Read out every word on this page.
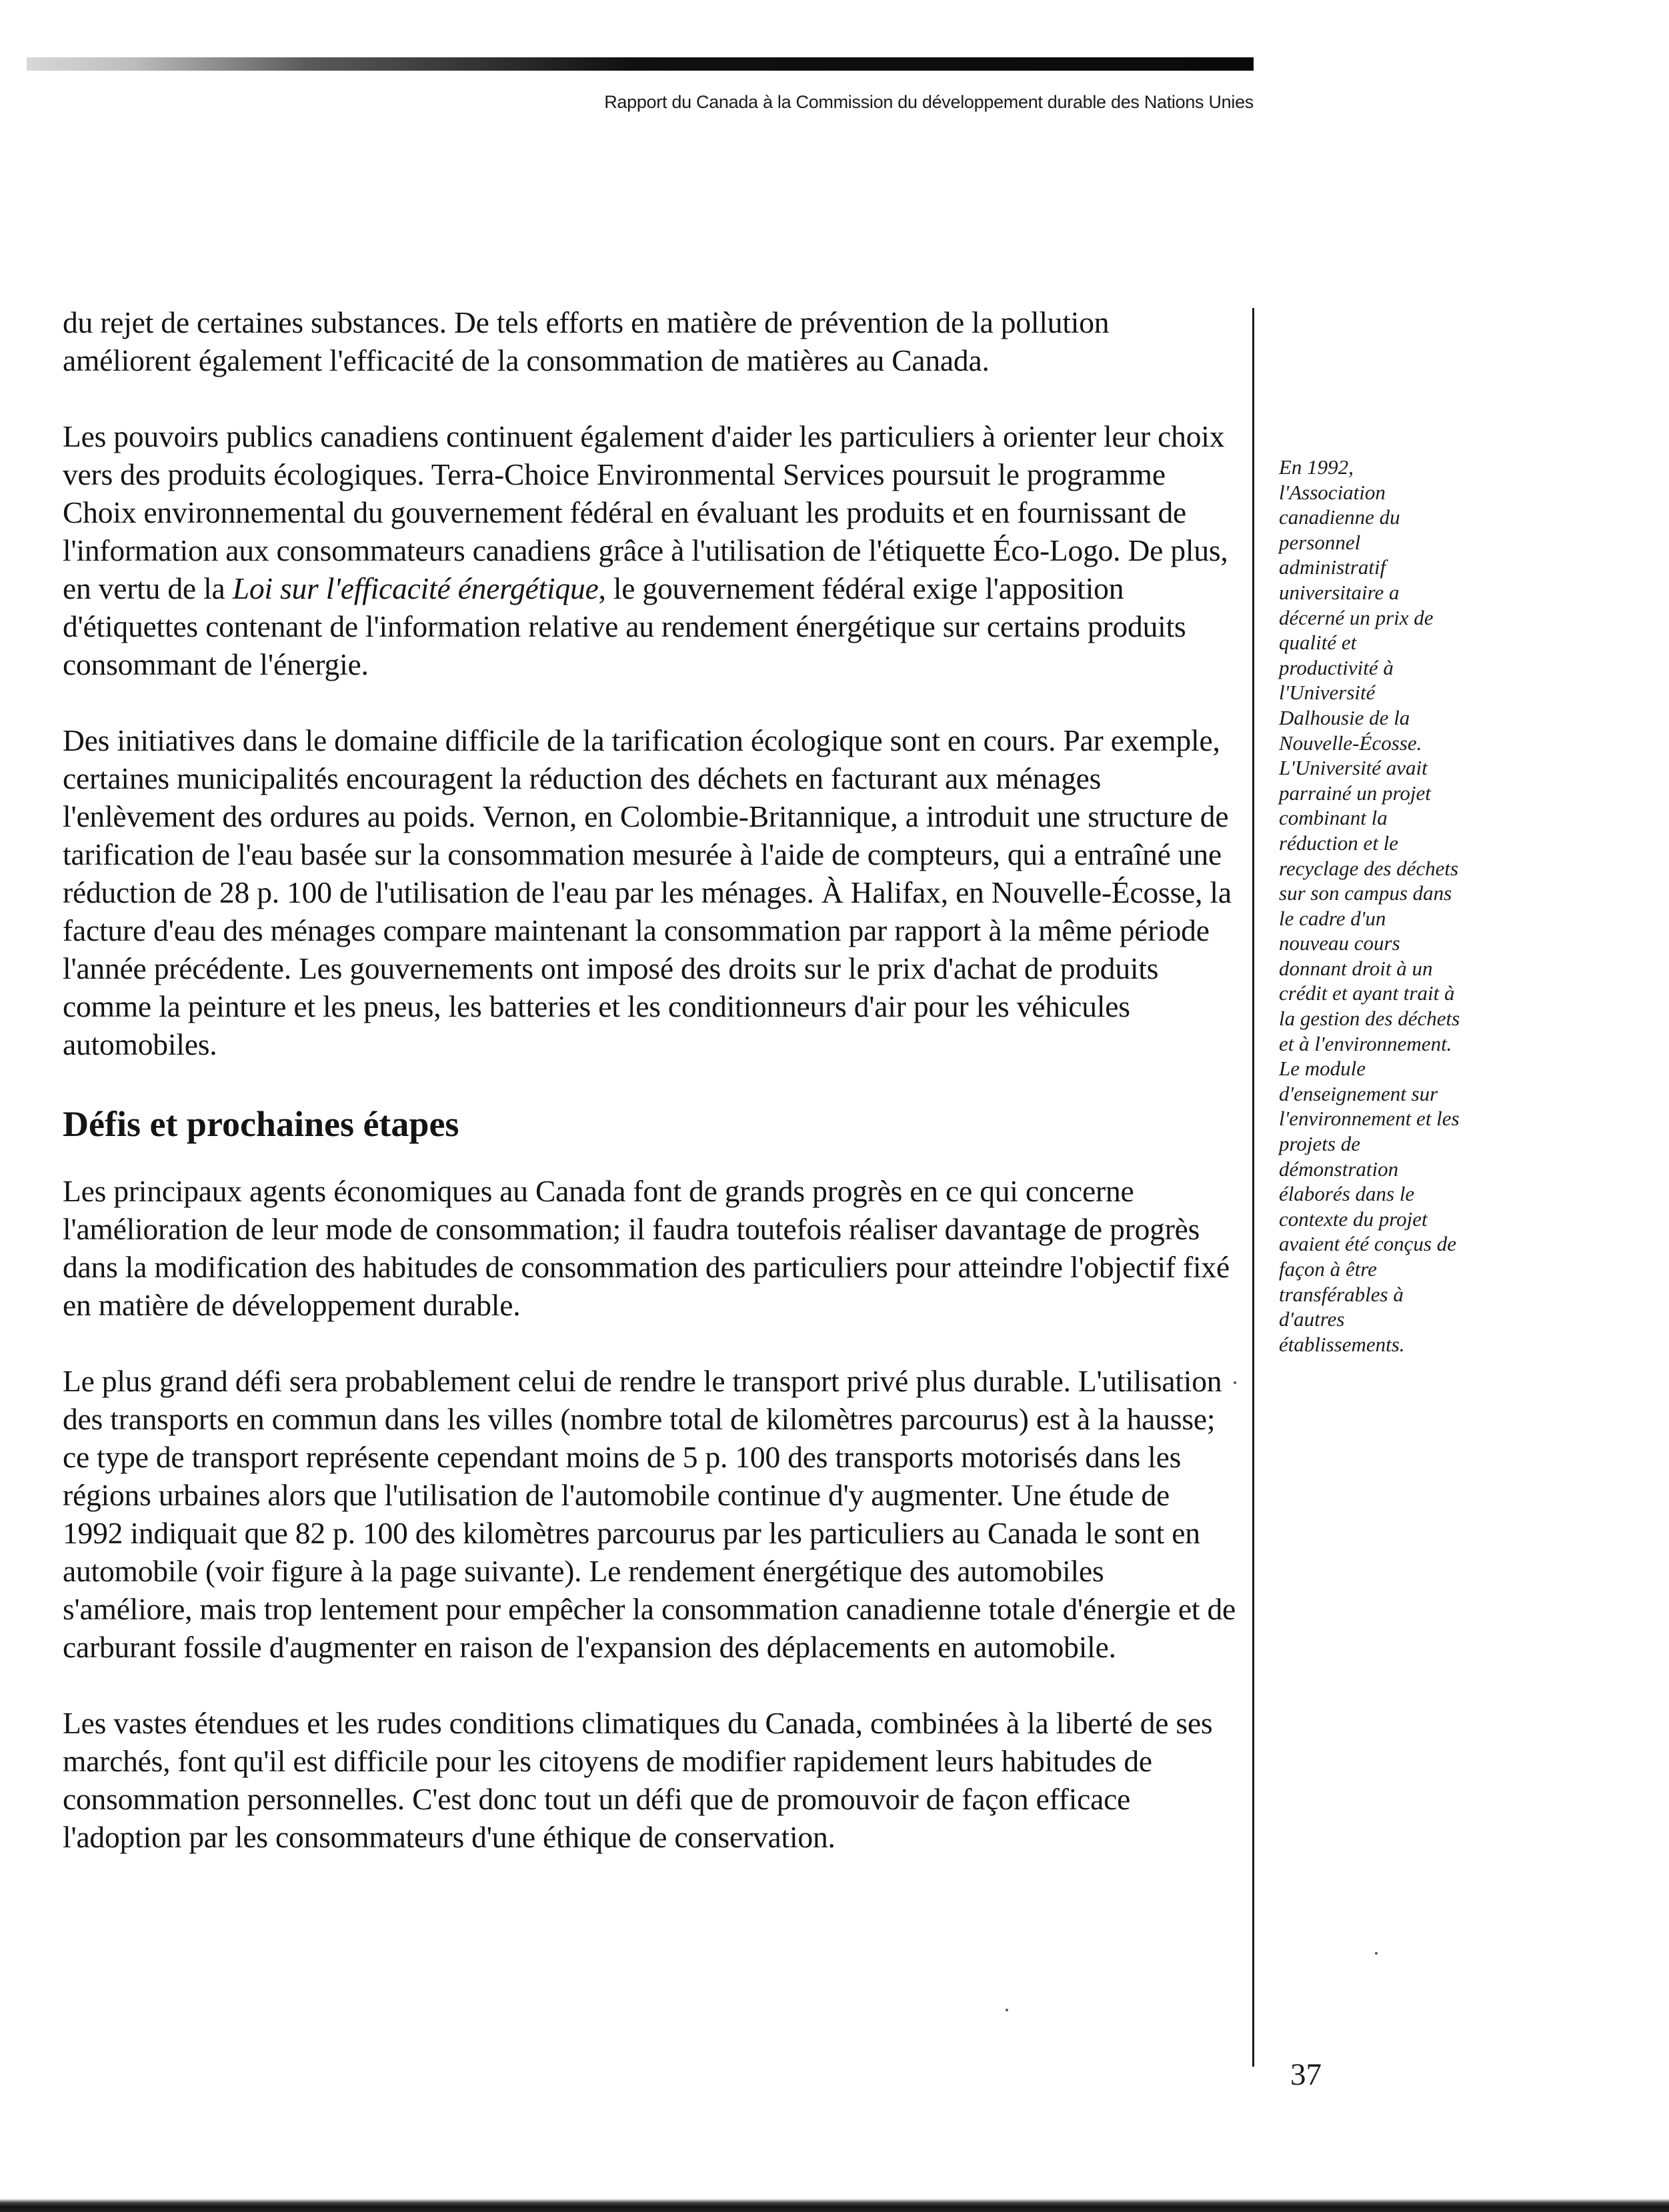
Rapport du Canada à la Commission du développement durable des Nations Unies

du rejet de certaines substances. De tels efforts en matière de prévention de la pollution améliorent également l'efficacité de la consommation de matières au Canada.

Les pouvoirs publics canadiens continuent également d'aider les particuliers à orienter leur choix vers des produits écologiques. Terra-Choice Environmental Services poursuit le programme Choix environnemental du gouvernement fédéral en évaluant les produits et en fournissant de l'information aux consommateurs canadiens grâce à l'utilisation de l'étiquette Éco-Logo. De plus, en vertu de la Loi sur l'efficacité énergétique, le gouvernement fédéral exige l'apposition d'étiquettes contenant de l'information relative au rendement énergétique sur certains produits consommant de l'énergie.

Des initiatives dans le domaine difficile de la tarification écologique sont en cours. Par exemple, certaines municipalités encouragent la réduction des déchets en facturant aux ménages l'enlèvement des ordures au poids. Vernon, en Colombie-Britannique, a introduit une structure de tarification de l'eau basée sur la consommation mesurée à l'aide de compteurs, qui a entraîné une réduction de 28 p. 100 de l'utilisation de l'eau par les ménages. À Halifax, en Nouvelle-Écosse, la facture d'eau des ménages compare maintenant la consommation par rapport à la même période l'année précédente. Les gouvernements ont imposé des droits sur le prix d'achat de produits comme la peinture et les pneus, les batteries et les conditionneurs d'air pour les véhicules automobiles.

Défis et prochaines étapes

Les principaux agents économiques au Canada font de grands progrès en ce qui concerne l'amélioration de leur mode de consommation; il faudra toutefois réaliser davantage de progrès dans la modification des habitudes de consommation des particuliers pour atteindre l'objectif fixé en matière de développement durable.

Le plus grand défi sera probablement celui de rendre le transport privé plus durable. L'utilisation des transports en commun dans les villes (nombre total de kilomètres parcourus) est à la hausse; ce type de transport représente cependant moins de 5 p. 100 des transports motorisés dans les régions urbaines alors que l'utilisation de l'automobile continue d'y augmenter. Une étude de 1992 indiquait que 82 p. 100 des kilomètres parcourus par les particuliers au Canada le sont en automobile (voir figure à la page suivante). Le rendement énergétique des automobiles s'améliore, mais trop lentement pour empêcher la consommation canadienne totale d'énergie et de carburant fossile d'augmenter en raison de l'expansion des déplacements en automobile.

Les vastes étendues et les rudes conditions climatiques du Canada, combinées à la liberté de ses marchés, font qu'il est difficile pour les citoyens de modifier rapidement leurs habitudes de consommation personnelles. C'est donc tout un défi que de promouvoir de façon efficace l'adoption par les consommateurs d'une éthique de conservation.

En 1992,
l'Association
canadienne du
personnel
administratif
universitaire a
décerné un prix de
qualité et
productivité à
l'Université
Dalhousie de la
Nouvelle-Écosse.
L'Université avait
parrainé un projet
combinant la
réduction et le
recyclage des déchets
sur son campus dans
le cadre d'un
nouveau cours
donnant droit à un
crédit et ayant trait à
la gestion des déchets
et à l'environnement.
Le module
d'enseignement sur
l'environnement et les
projets de
démonstration
élaborés dans le
contexte du projet
avaient été conçus de
façon à être
transférables à
d'autres
établissements.
37
